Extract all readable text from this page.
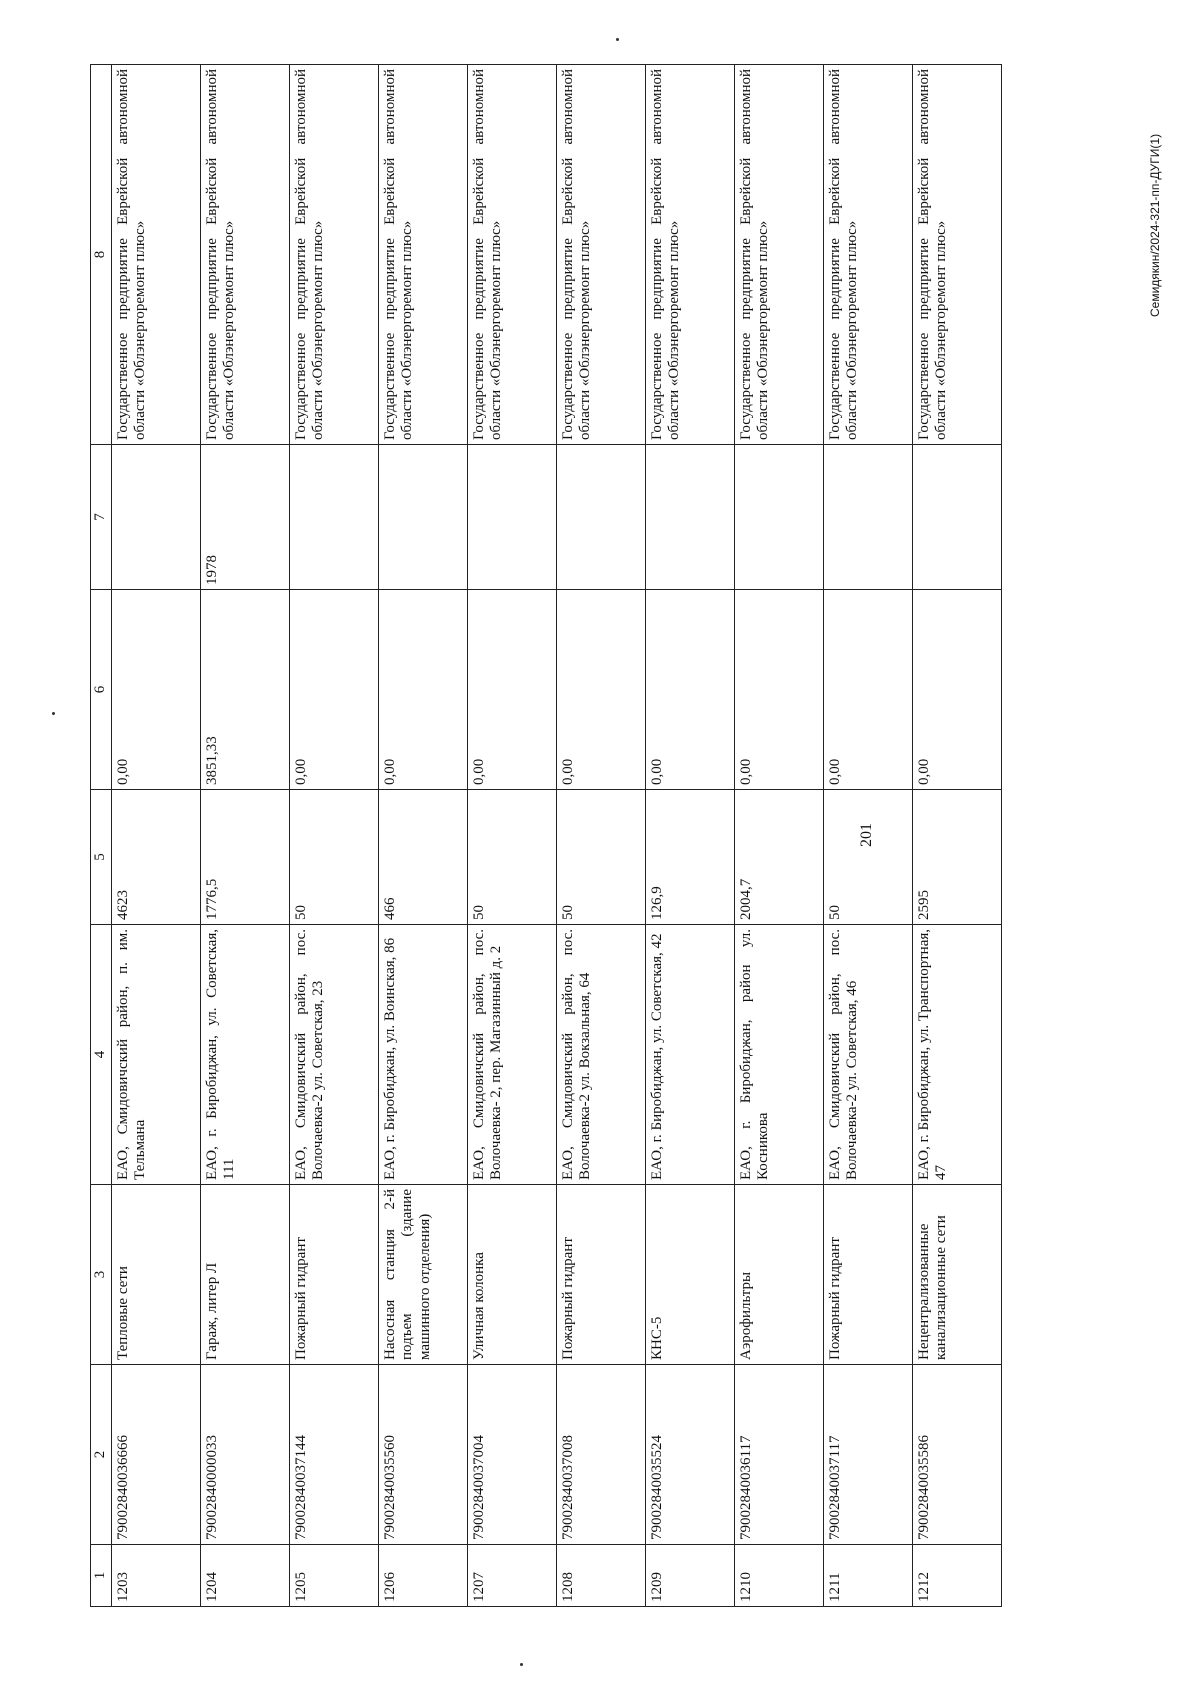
201
1	2	3	4	5	6	7	8
1203	79002840036666	Тепловые сети	ЕАО, Смидовичский район, п. им. Тельмана	4623	0,00		Государственное предприятие Еврейской автономной области «Облэнергоремонт плюс»
1204	79002840000033	Гараж, литер Л	ЕАО, г. Биробиджан, ул. Советская, 111	1776,5	3851,33	1978	Государственное предприятие Еврейской автономной области «Облэнергоремонт плюс»
1205	79002840037144	Пожарный гидрант	ЕАО, Смидовичский район, пос. Волочаевка-2 ул. Советская, 23	50	0,00		Государственное предприятие Еврейской автономной области «Облэнергоремонт плюс»
1206	79002840035560	Насосная станция 2-й подъем (здание машинного отделения)	ЕАО, г. Биробиджан, ул. Воинская, 86	466	0,00		Государственное предприятие Еврейской автономной области «Облэнергоремонт плюс»
1207	79002840037004	Уличная колонка	ЕАО, Смидовичский район, пос. Волочаевка- 2, пер. Магазинный д. 2	50	0,00		Государственное предприятие Еврейской автономной области «Облэнергоремонт плюс»
1208	79002840037008	Пожарный гидрант	ЕАО, Смидовичский район, пос. Волочаевка-2 ул. Вокзальная, 64	50	0,00		Государственное предприятие Еврейской автономной области «Облэнергоремонт плюс»
1209	79002840035524	КНС-5	ЕАО, г. Биробиджан, ул. Советская, 42	126,9	0,00		Государственное предприятие Еврейской автономной области «Облэнергоремонт плюс»
1210	79002840036117	Аэрофильтры	ЕАО, г. Биробиджан, район ул. Косникова	2004,7	0,00		Государственное предприятие Еврейской автономной области «Облэнергоремонт плюс»
1211	79002840037117	Пожарный гидрант	ЕАО, Смидовичский район, пос. Волочаевка-2 ул. Советская, 46	50	0,00		Государственное предприятие Еврейской автономной области «Облэнергоремонт плюс»
1212	79002840035586	Нецентрализованные канализационные сети	ЕАО, г. Биробиджан, ул. Транспортная, 47	2595	0,00		Государственное предприятие Еврейской автономной области «Облэнергоремонт плюс»	Семидякин/2024-321-пп-ДУГИ(1)
